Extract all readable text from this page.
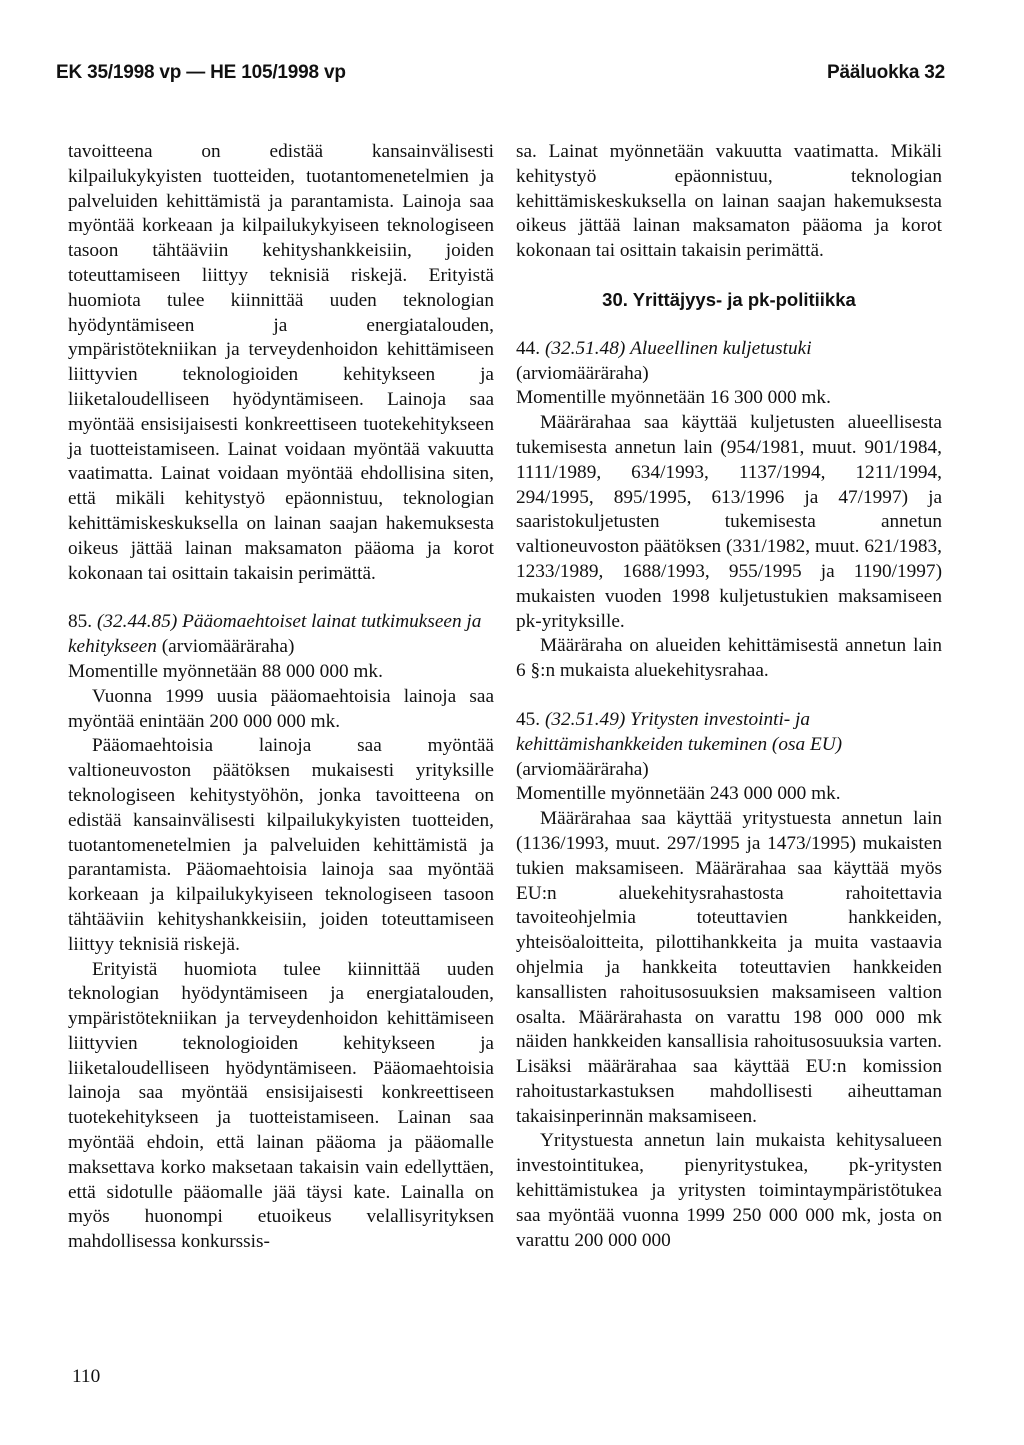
EK 35/1998 vp — HE 105/1998 vp	Pääluokka 32

tavoitteena on edistää kansainvälisesti kilpailukykyisten tuotteiden, tuotantomenetelmien ja palveluiden kehittämistä ja parantamista. Lainoja saa myöntää korkeaan ja kilpailukykyiseen teknologiseen tasoon tähtääviin kehityshankkeisiin, joiden toteuttamiseen liittyy teknisiä riskejä. Erityistä huomiota tulee kiinnittää uuden teknologian hyödyntämiseen ja energiatalouden, ympäristötekniikan ja terveydenhoidon kehittämiseen liittyvien teknologioiden kehitykseen ja liiketaloudelliseen hyödyntämiseen. Lainoja saa myöntää ensisijaisesti konkreettiseen tuotekehitykseen ja tuotteistamiseen. Lainat voidaan myöntää vakuutta vaatimatta. Lainat voidaan myöntää ehdollisina siten, että mikäli kehitystyö epäonnistuu, teknologian kehittämiskeskuksella on lainan saajan hakemuksesta oikeus jättää lainan maksamaton pääoma ja korot kokonaan tai osittain takaisin perimättä.

85. (32.44.85) Pääomaehtoiset lainat tutkimukseen ja kehitykseen (arviomääräraha)

Momentille myönnetään 88 000 000 mk.

Vuonna 1999 uusia pääomaehtoisia lainoja saa myöntää enintään 200 000 000 mk.

Pääomaehtoisia lainoja saa myöntää valtioneuvoston päätöksen mukaisesti yrityksille teknologiseen kehitystyöhön, jonka tavoitteena on edistää kansainvälisesti kilpailukykyisten tuotteiden, tuotantomenetelmien ja palveluiden kehittämistä ja parantamista. Pääomaehtoisia lainoja saa myöntää korkeaan ja kilpailukykyiseen teknologiseen tasoon tähtääviin kehityshankkeisiin, joiden toteuttamiseen liittyy teknisiä riskejä.

Erityistä huomiota tulee kiinnittää uuden teknologian hyödyntämiseen ja energiatalouden, ympäristötekniikan ja terveydenhoidon kehittämiseen liittyvien teknologioiden kehitykseen ja liiketaloudelliseen hyödyntämiseen. Pääomaehtoisia lainoja saa myöntää ensisijaisesti konkreettiseen tuotekehitykseen ja tuotteistamiseen. Lainan saa myöntää ehdoin, että lainan pääoma ja pääomalle maksettava korko maksetaan takaisin vain edellyttäen, että sidotulle pääomalle jää täysi kate. Lainalla on myös huonompi etuoikeus velallisyrityksen mahdollisessa konkurssis-

sa. Lainat myönnetään vakuutta vaatimatta. Mikäli kehitystyö epäonnistuu, teknologian kehittämiskeskuksella on lainan saajan hakemuksesta oikeus jättää lainan maksamaton pääoma ja korot kokonaan tai osittain takaisin perimättä.

30. Yrittäjyys- ja pk-politiikka

44. (32.51.48) Alueellinen kuljetustuki (arviomääräraha)

Momentille myönnetään 16 300 000 mk.

Määrärahaa saa käyttää kuljetusten alueellisesta tukemisesta annetun lain (954/1981, muut. 901/1984, 1111/1989, 634/1993, 1137/1994, 1211/1994, 294/1995, 895/1995, 613/1996 ja 47/1997) ja saaristokuljetusten tukemisesta annetun valtioneuvoston päätöksen (331/1982, muut. 621/1983, 1233/1989, 1688/1993, 955/1995 ja 1190/1997) mukaisten vuoden 1998 kuljetustukien maksamiseen pk-yrityksille.

Määräraha on alueiden kehittämisestä annetun lain 6 §:n mukaista aluekehitysrahaa.

45. (32.51.49) Yritysten investointi- ja kehittämishankkeiden tukeminen (osa EU) (arviomääräraha)

Momentille myönnetään 243 000 000 mk.

Määrärahaa saa käyttää yritystuesta annetun lain (1136/1993, muut. 297/1995 ja 1473/1995) mukaisten tukien maksamiseen. Määrärahaa saa käyttää myös EU:n aluekehitysrahastosta rahoitettavia tavoiteohjelmia toteuttavien hankkeiden, yhteisöaloitteita, pilottihankkeita ja muita vastaavia ohjelmia ja hankkeita toteuttavien hankkeiden kansallisten rahoitusosuuksien maksamiseen valtion osalta. Määrärahasta on varattu 198 000 000 mk näiden hankkeiden kansallisia rahoitusosuuksia varten. Lisäksi määrärahaa saa käyttää EU:n komission rahoitustarkastuksen mahdollisesti aiheuttaman takaisinperinnän maksamiseen.

Yritystuesta annetun lain mukaista kehitysalueen investointitukea, pienyritystukea, pk-yritysten kehittämistukea ja yritysten toimintaympäristötukea saa myöntää vuonna 1999 250 000 000 mk, josta on varattu 200 000 000

110
